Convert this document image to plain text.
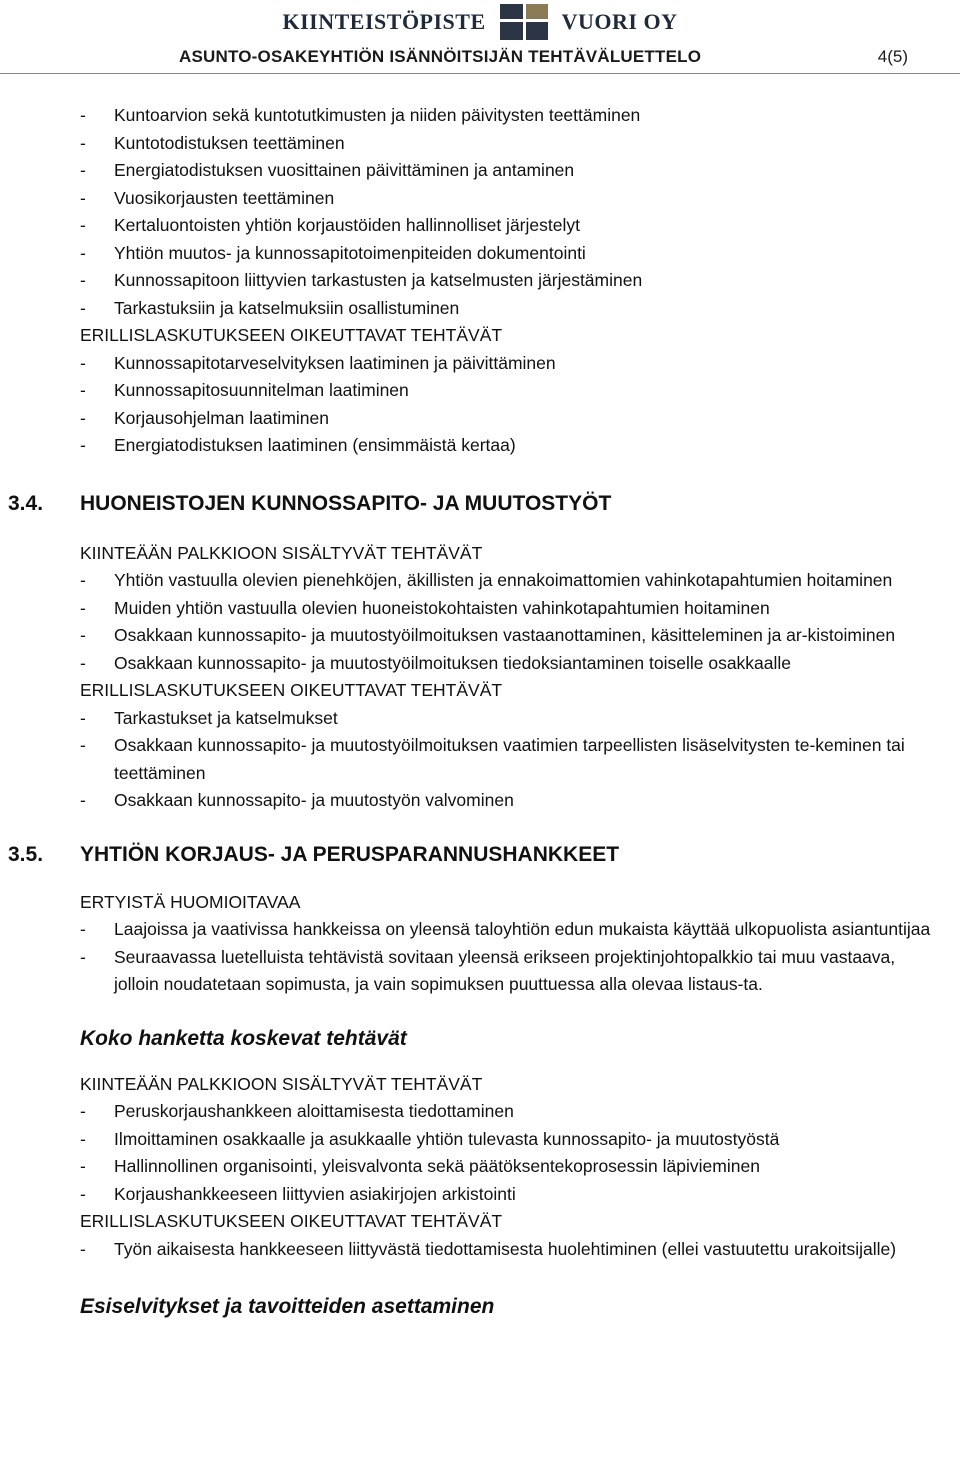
KIINTEISTÖPISTE	VUORI OY
ASUNTO-OSAKEYHTIÖN ISÄNNÖITSIJÄN TEHTÄVÄLUETTELO	4(5)
- Kuntoarvion sekä kuntotutkimusten ja niiden päivitysten teettäminen
- Kuntotodistuksen teettäminen
- Energiatodistuksen vuosittainen päivittäminen ja antaminen
- Vuosikorjausten teettäminen
- Kertaluontoisten yhtiön korjaustöiden hallinnolliset järjestelyt
- Yhtiön muutos- ja kunnossapitotoimenpiteiden dokumentointi
- Kunnossapitoon liittyvien tarkastusten ja katselmusten järjestäminen
- Tarkastuksiin ja katselmuksiin osallistuminen
ERILLISLASKUTUKSEEN OIKEUTTAVAT TEHTÄVÄT
- Kunnossapitotarveselvityksen laatiminen ja päivittäminen
- Kunnossapitosuunnitelman laatiminen
- Korjausohjelman laatiminen
- Energiatodistuksen laatiminen (ensimmäistä kertaa)
3.4. HUONEISTOJEN KUNNOSSAPITO- JA MUUTOSTYÖT
KIINTEÄÄN PALKKIOON SISÄLTYVÄT TEHTÄVÄT
- Yhtiön vastuulla olevien pienehköjen, äkillisten ja ennakoimattomien vahinkotapahtumien hoitaminen
- Muiden yhtiön vastuulla olevien huoneistokohtaisten vahinkotapahtumien hoitaminen
- Osakkaan kunnossapito- ja muutostyöilmoituksen vastaanottaminen, käsitteleminen ja ar-kistoiminen
- Osakkaan kunnossapito- ja muutostyöilmoituksen tiedoksiantaminen toiselle osakkaalle
ERILLISLASKUTUKSEEN OIKEUTTAVAT TEHTÄVÄT
- Tarkastukset ja katselmukset
- Osakkaan kunnossapito- ja muutostyöilmoituksen vaatimien tarpeellisten lisäselvitysten te-keminen tai teettäminen
- Osakkaan kunnossapito- ja muutostyön valvominen
3.5. YHTIÖN KORJAUS- JA PERUSPARANNUSHANKKEET
ERTYISTÄ HUOMIOITAVAA
- Laajoissa ja vaativissa hankkeissa on yleensä taloyhtiön edun mukaista käyttää ulkopuolista asiantuntijaa
- Seuraavassa luetelluista tehtävistä sovitaan yleensä erikseen projektinjohtopalkkio tai muu vastaava, jolloin noudatetaan sopimusta, ja vain sopimuksen puuttuessa alla olevaa listaus-ta.
Koko hanketta koskevat tehtävät
KIINTEÄÄN PALKKIOON SISÄLTYVÄT TEHTÄVÄT
- Peruskorjaushankkeen aloittamisesta tiedottaminen
- Ilmoittaminen osakkaalle ja asukkaalle yhtiön tulevasta kunnossapito- ja muutostyöstä
- Hallinnollinen organisointi, yleisvalvonta sekä päätöksentekoprosessin läpivieminen
- Korjaushankkeeseen liittyvien asiakirjojen arkistointi
ERILLISLASKUTUKSEEN OIKEUTTAVAT TEHTÄVÄT
- Työn aikaisesta hankkeeseen liittyvästä tiedottamisesta huolehtiminen (ellei vastuutettu urakoitsijalle)
Esiselvitykset ja tavoitteiden asettaminen
